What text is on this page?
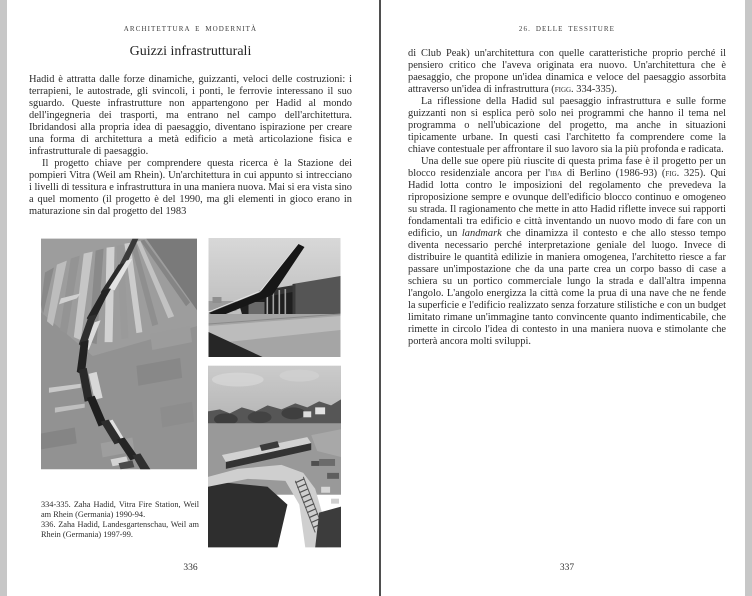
ARCHITETTURA E MODERNITÀ
Guizzi infrastrutturali

Hadid è attratta dalle forze dinamiche, guizzanti, veloci delle costruzioni: i terrapieni, le autostrade, gli svincoli, i ponti, le ferrovie interessano il suo sguardo. Queste infrastrutture non appartengono per Hadid al mondo dell'ingegneria dei trasporti, ma entrano nel campo dell'architettura. Ibridandosi alla propria idea di paesaggio, diventano ispirazione per creare una forma di architettura a metà edificio a metà articolazione fisica e infrastrutturale di paesaggio.

Il progetto chiave per comprendere questa ricerca è la Stazione dei pompieri Vitra (Weil am Rhein). Un'architettura in cui appunto si intrecciano i livelli di tessitura e infrastruttura in una maniera nuova. Mai si era vista sino a quel momento (il progetto è del 1990, ma gli elementi in gioco erano in maturazione sin dal progetto del 1983

334-335. Zaha Hadid, Vitra Fire Station, Weil am Rhein (Germania) 1990-94.

336. Zaha Hadid, Landesgartenschau, Weil am Rhein (Germania) 1997-99.

336
26. DELLE TESSITURE

di Club Peak) un'architettura con quelle caratteristiche proprio perché il pensiero critico che l'aveva originata era nuovo. Un'architettura che è paesaggio, che propone un'idea dinamica e veloce del paesaggio assorbita attraverso un'idea di infrastruttura (figg. 334-335).

La riflessione della Hadid sul paesaggio infrastruttura e sulle forme guizzanti non si esplica però solo nei programmi che hanno il tema nel programma o nell'ubicazione del progetto, ma anche in situazioni tipicamente urbane. In questi casi l'architetto fa comprendere come la chiave contestuale per affrontare il suo lavoro sia la più profonda e radicata.

Una delle sue opere più riuscite di questa prima fase è il progetto per un blocco residenziale ancora per l'iba di Berlino (1986-93) (fig. 325). Qui Hadid lotta contro le imposizioni del regolamento che prevedeva la riproposizione sempre e ovunque dell'edificio blocco continuo e omogeneo su strada. Il ragionamento che mette in atto Hadid riflette invece sui rapporti fondamentali tra edificio e città inventando un nuovo modo di fare con un edificio, un landmark che dinamizza il contesto e che allo stesso tempo diventa necessario perché interpretazione geniale del luogo. Invece di distribuire le quantità edilizie in maniera omogenea, l'architetto riesce a far passare un'impostazione che da una parte crea un corpo basso di case a schiera su un portico commerciale lungo la strada e dall'altra impenna l'angolo. L'angolo energizza la città come la prua di una nave che ne fende la superficie e l'edificio realizzato senza forzature stilistiche e con un budget limitato rimane un'immagine tanto convincente quanto indimenticabile, che rimette in circolo l'idea di contesto in una maniera nuova e stimolante che porterà ancora molti sviluppi.

337
